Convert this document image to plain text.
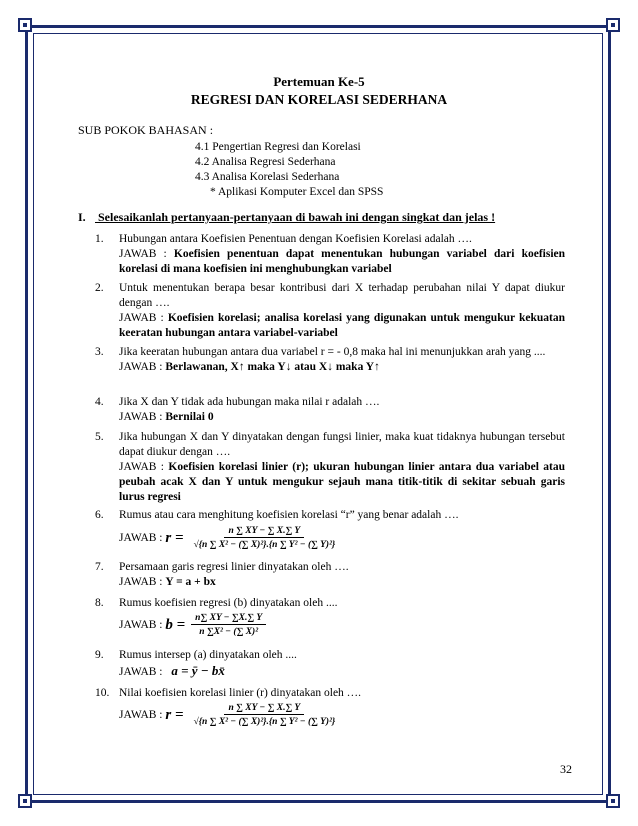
Pertemuan Ke-5
REGRESI DAN KORELASI SEDERHANA
SUB POKOK BAHASAN :
4.1 Pengertian Regresi dan Korelasi
4.2 Analisa Regresi Sederhana
4.3 Analisa Korelasi Sederhana
* Aplikasi Komputer Excel dan SPSS
I. Selesaikanlah pertanyaan-pertanyaan di bawah ini dengan singkat dan jelas !
1.	Hubungan antara Koefisien Penentuan dengan Koefisien Korelasi adalah ….
JAWAB : Koefisien penentuan dapat menentukan hubungan variabel dari koefisien korelasi di mana koefisien ini menghubungkan variabel
2.	Untuk menentukan berapa besar kontribusi dari X terhadap perubahan nilai Y dapat diukur dengan ….
JAWAB : Koefisien korelasi; analisa korelasi yang digunakan untuk mengukur kekuatan keeratan hubungan antara variabel-variabel
3.	Jika keeratan hubungan antara dua variabel r = - 0,8 maka hal ini menunjukkan arah yang ....
JAWAB : Berlawanan, X↑ maka Y↓ atau X↓ maka Y↑
4.	Jika X dan Y tidak ada hubungan maka nilai r adalah ….
JAWAB : Bernilai 0
5.	Jika hubungan X dan Y dinyatakan dengan fungsi linier, maka kuat tidaknya hubungan tersebut dapat diukur dengan ….
JAWAB : Koefisien korelasi linier (r); ukuran hubungan linier antara dua variabel atau peubah acak X dan Y untuk mengukur sejauh mana titik-titik di sekitar sebuah garis lurus regresi
6.	Rumus atau cara menghitung koefisien korelasi “r” yang benar adalah ….
JAWAB : $r = \frac{n \sum XY - \sum X.\sum Y}{\text{√\{n ∑ X² − (∑ X)²\}.\{n ∑ Y² − (∑ Y)²\}}}$
7.	Persamaan garis regresi linier dinyatakan oleh ….
JAWAB : Y = a + bx
8.	Rumus koefisien regresi (b) dinyatakan oleh ....
JAWAB : $b = \frac{n\sum XY - \sum X.\sum Y}{\text{n ∑X² − (∑ X)²}}$
9.	Rumus intersep (a) dinyatakan oleh ....
JAWAB : a = ȳ − bx̄
10. Nilai koefisien korelasi linier (r) dinyatakan oleh ….
JAWAB : $r = \frac{n \sum XY - \sum X.\sum Y}{\text{√\{n ∑ X² − (∑ X)²\}.\{n ∑ Y² − (∑ Y)²\}}}$
32
